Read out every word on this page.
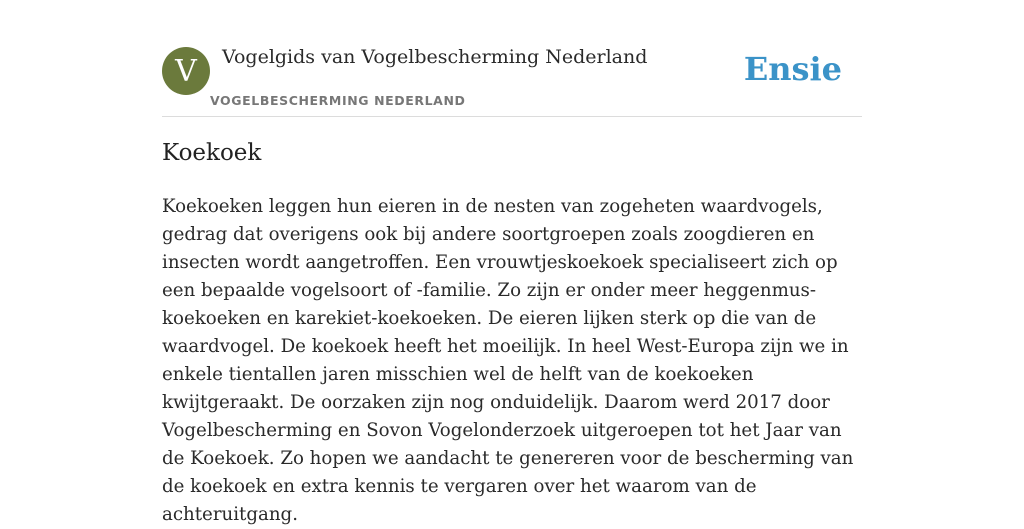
V	Vogelgids van Vogelbescherming Nederland
VOGELBESCHERMING NEDERLAND
Ensie
Koekoek

Koekoeken leggen hun eieren in de nesten van zogeheten waardvogels, gedrag dat overigens ook bij andere soortgroepen zoals zoogdieren en insecten wordt aangetroffen. Een vrouwtjeskoekoek specialiseert zich op een bepaalde vogelsoort of -familie. Zo zijn er onder meer heggenmus-koekoeken en karekiet-koekoeken. De eieren lijken sterk op die van de waardvogel. De koekoek heeft het moeilijk. In heel West-Europa zijn we in enkele tientallen jaren misschien wel de helft van de koekoeken kwijtgeraakt. De oorzaken zijn nog onduidelijk. Daarom werd 2017 door Vogelbescherming en Sovon Vogelonderzoek uitgeroepen tot het Jaar van de Koekoek. Zo hopen we aandacht te genereren voor de bescherming van de koekoek en extra kennis te vergaren over het waarom van de achteruitgang.
